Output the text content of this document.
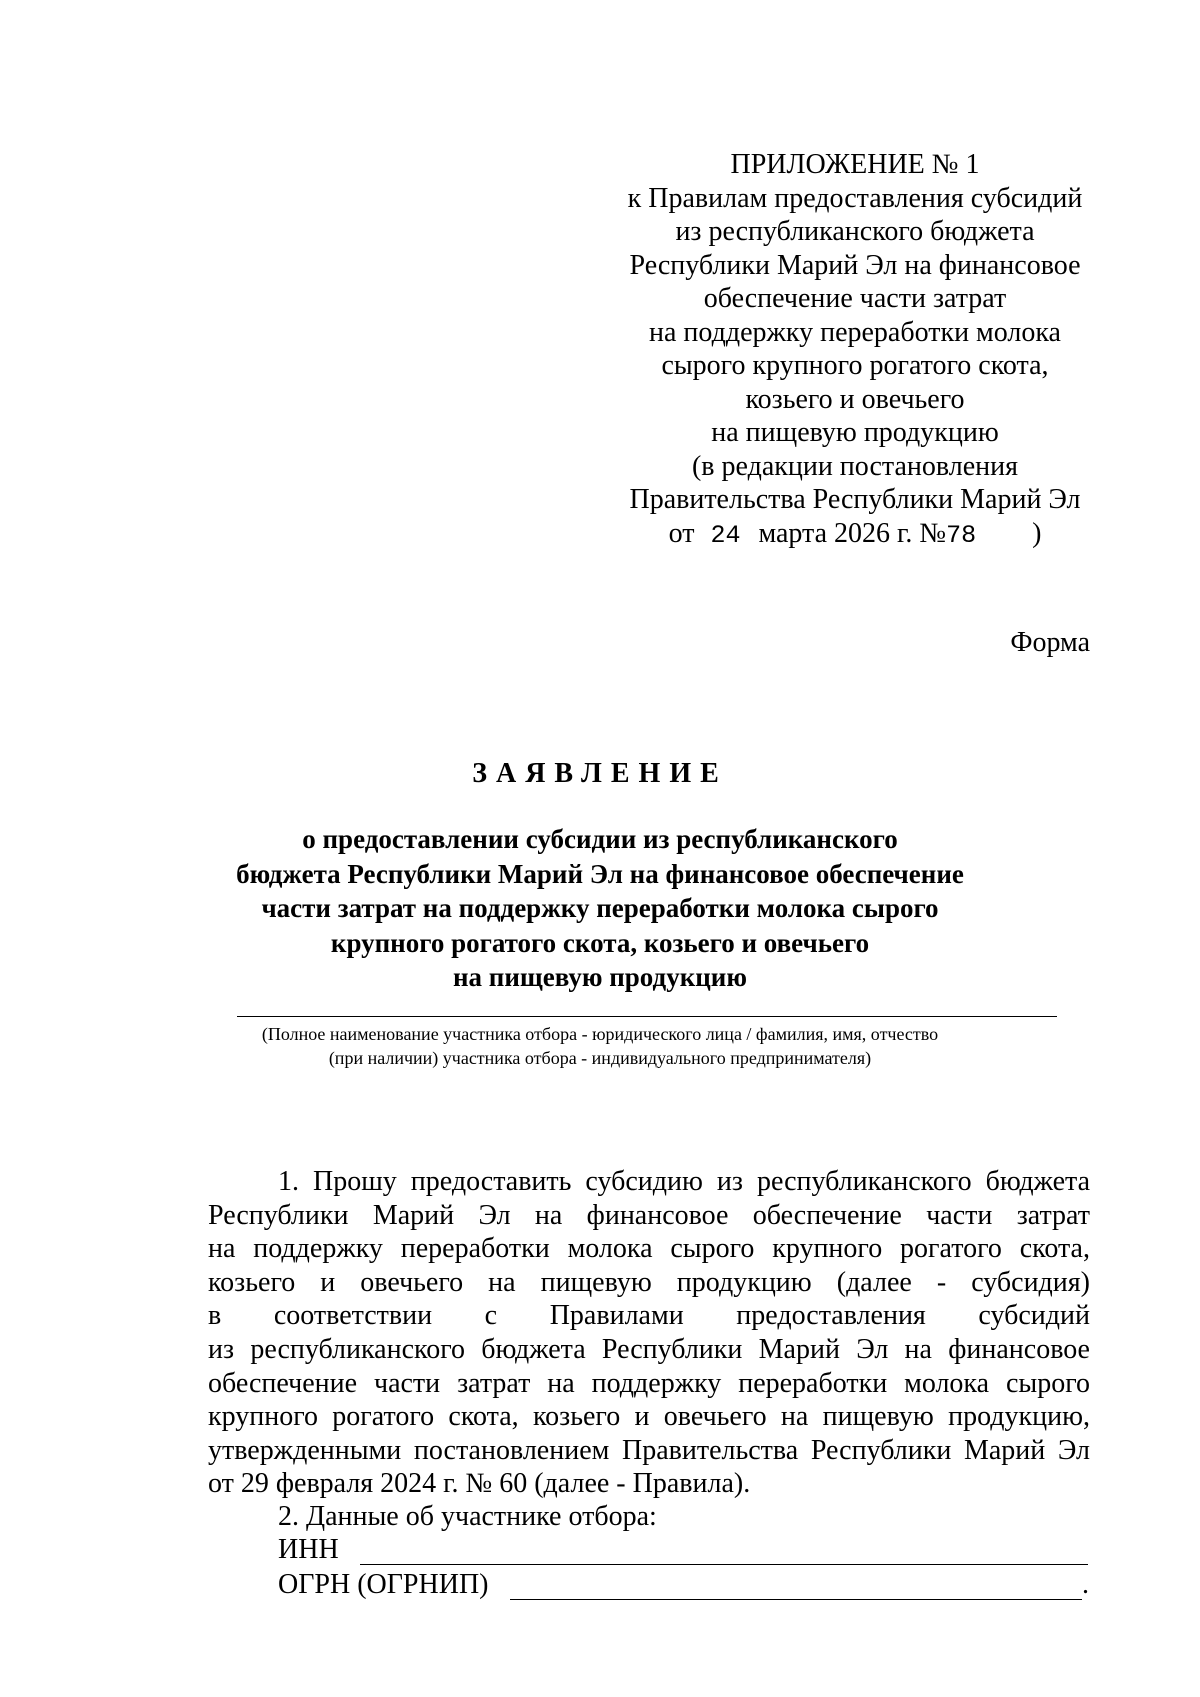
ПРИЛОЖЕНИЕ № 1
к Правилам предоставления субсидий
из республиканского бюджета
Республики Марий Эл на финансовое
обеспечение части затрат
на поддержку переработки молока
сырого крупного рогатого скота,
козьего и овечьего
на пищевую продукцию
(в редакции постановления
Правительства Республики Марий Эл
от 24 марта 2026 г. №78 )
Форма
ЗАЯВЛЕНИЕ
о предоставлении субсидии из республиканского
бюджета Республики Марий Эл на финансовое обеспечение
части затрат на поддержку переработки молока сырого
крупного рогатого скота, козьего и овечьего
на пищевую продукцию
(Полное наименование участника отбора - юридического лица / фамилия, имя, отчество
(при наличии) участника отбора - индивидуального предпринимателя)
1. Прошу предоставить субсидию из республиканского бюджета
Республики Марий Эл на финансовое обеспечение части затрат
на поддержку переработки молока сырого крупного рогатого скота,
козьего и овечьего на пищевую продукцию (далее - субсидия)
в соответствии с Правилами предоставления субсидий
из республиканского бюджета Республики Марий Эл на финансовое
обеспечение части затрат на поддержку переработки молока сырого
крупного рогатого скота, козьего и овечьего на пищевую продукцию,
утвержденными постановлением Правительства Республики Марий Эл
от 29 февраля 2024 г. № 60 (далее - Правила).
2. Данные об участнике отбора:
ИНН
ОГРН (ОГРНИП)	.
